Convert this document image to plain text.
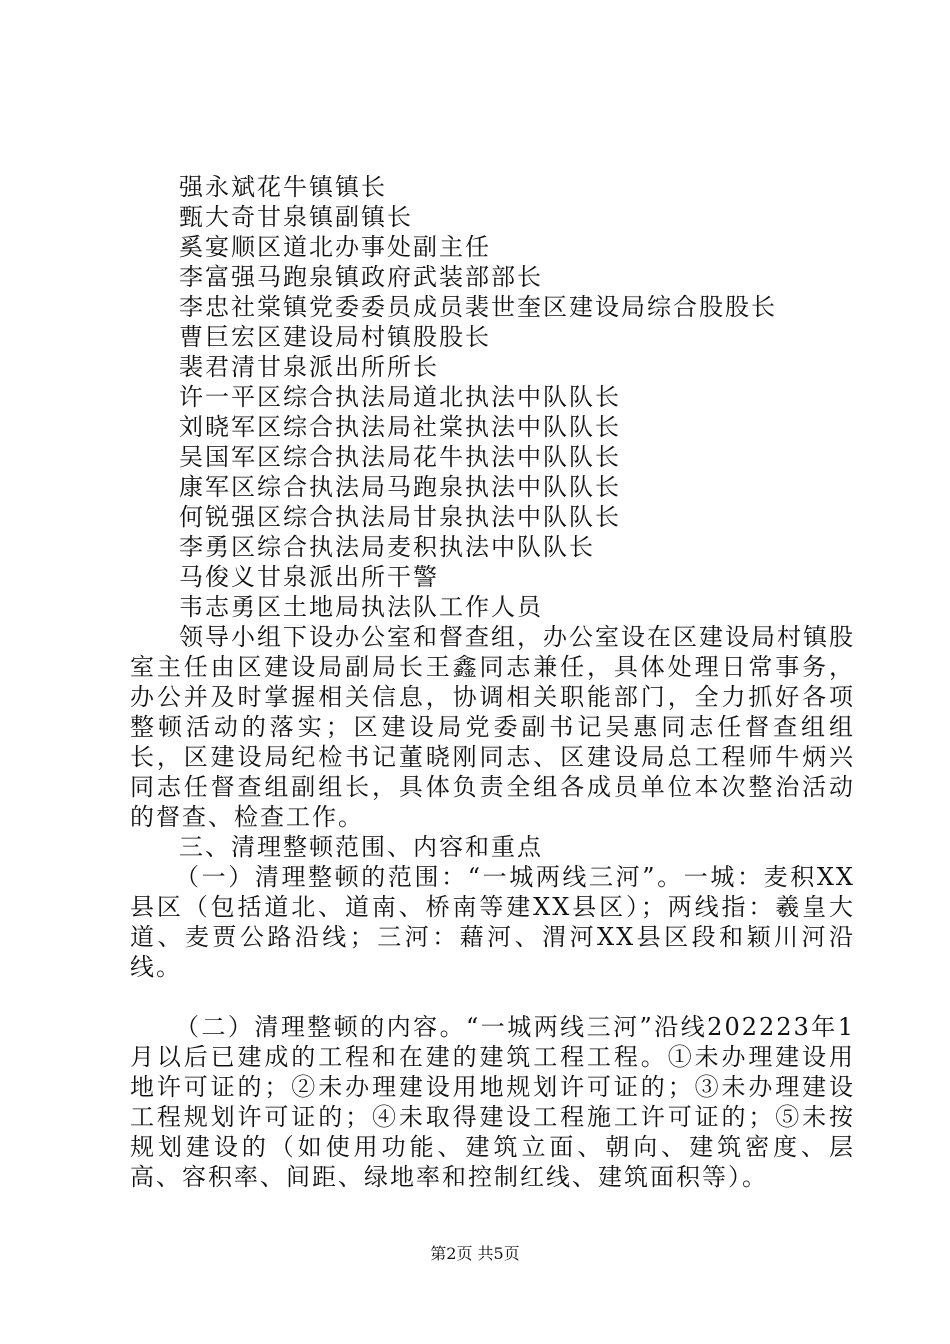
强永斌花牛镇镇长

甄大奇甘泉镇副镇长

奚宴顺区道北办事处副主任

李富强马跑泉镇政府武装部部长

李忠社棠镇党委委员成员裴世奎区建设局综合股股长

曹巨宏区建设局村镇股股长

裴君清甘泉派出所所长

许一平区综合执法局道北执法中队队长

刘晓军区综合执法局社棠执法中队队长

吴国军区综合执法局花牛执法中队队长

康军区综合执法局马跑泉执法中队队长

何锐强区综合执法局甘泉执法中队队长

李勇区综合执法局麦积执法中队队长

马俊义甘泉派出所干警

韦志勇区土地局执法队工作人员

领导小组下设办公室和督查组，办公室设在区建设局村镇股室主任由区建设局副局长王鑫同志兼任，具体处理日常事务，办公并及时掌握相关信息，协调相关职能部门，全力抓好各项整顿活动的落实；区建设局党委副书记吴惠同志任督查组组长，区建设局纪检书记董晓刚同志、区建设局总工程师牛炳兴同志任督查组副组长，具体负责全组各成员单位本次整治活动的督查、检查工作。

三、清理整顿范围、内容和重点

（一）清理整顿的范围：“一城两线三河”。一城：麦积XX县区（包括道北、道南、桥南等建XX县区）；两线指：羲皇大道、麦贾公路沿线；三河：藉河、渭河XX县区段和颖川河沿线。

（二）清理整顿的内容。“一城两线三河”沿线202223年1月以后已建成的工程和在建的建筑工程工程。①未办理建设用地许可证的；②未办理建设用地规划许可证的；③未办理建设工程规划许可证的；④未取得建设工程施工许可证的；⑤未按规划建设的（如使用功能、建筑立面、朝向、建筑密度、层高、容积率、间距、绿地率和控制红线、建筑面积等）。

第2页 共5页
